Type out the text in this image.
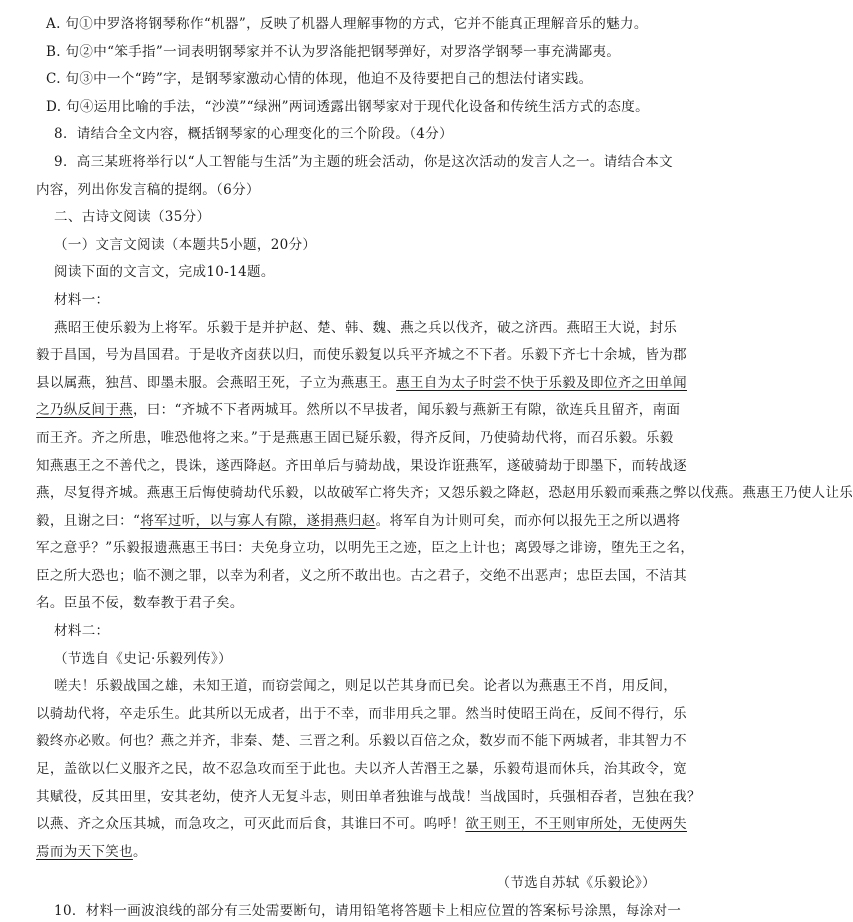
A. 句①中罗洛将钢琴称作“机器”，反映了机器人理解事物的方式，它并不能真正理解音乐的魅力。
B. 句②中“笨手指”一词表明钢琴家并不认为罗洛能把钢琴弹好，对罗洛学钢琴一事充满鄙夷。
C. 句③中一个“跨”字，是钢琴家激动心情的体现，他迫不及待要把自己的想法付诸实践。
D. 句④运用比喻的手法，“沙漠”“绿洲”两词透露出钢琴家对于现代化设备和传统生活方式的态度。
8．请结合全文内容，概括钢琴家的心理变化的三个阶段。（4分）
9．高三某班将举行以“人工智能与生活”为主题的班会活动，你是这次活动的发言人之一。请结合本文
内容，列出你发言稿的提纲。（6分）
二、古诗文阅读（35分）
（一）文言文阅读（本题共5小题，20分）
阅读下面的文言文，完成10-14题。
材料一：
燕昭王使乐毅为上将军。乐毅于是并护赵、楚、韩、魏、燕之兵以伐齐，破之济西。燕昭王大说，封乐
毅于昌国，号为昌国君。于是收齐卤获以归，而使乐毅复以兵平齐城之不下者。乐毅下齐七十余城，皆为郡
县以属燕，独莒、即墨未服。会燕昭王死，子立为燕惠王。惠王自为太子时尝不快于乐毅及即位齐之田单闻
之乃纵反间于燕，曰：“齐城不下者两城耳。然所以不早拔者，闻乐毅与燕新王有隙，欲连兵且留齐，南面
而王齐。齐之所患，唯恐他将之来。”于是燕惠王固已疑乐毅，得齐反间，乃使骑劫代将，而召乐毅。乐毅
知燕惠王之不善代之，畏诛，遂西降赵。齐田单后与骑劫战，果设诈诳燕军，遂破骑劫于即墨下，而转战逐
燕，尽复得齐城。燕惠王后悔使骑劫代乐毅，以故破军亡将失齐；又怨乐毅之降赵，恐赵用乐毅而乘燕之弊以伐燕。燕惠王乃使人让乐
毅，且谢之曰：“将军过听，以与寡人有隙，遂捐燕归赵。将军自为计则可矣，而亦何以报先王之所以遇将
军之意乎？”乐毅报遗燕惠王书曰：夫免身立功，以明先王之迹，臣之上计也；离毁辱之诽谤，堕先王之名，
臣之所大恐也；临不测之罪，以幸为利者，义之所不敢出也。古之君子，交绝不出恶声；忠臣去国，不洁其
名。臣虽不佞，数奉教于君子矣。
材料二：
（节选自《史记·乐毅列传》）
嗟夫！乐毅战国之雄，未知王道，而窃尝闻之，则足以芒其身而已矣。论者以为燕惠王不肖，用反间，
以骑劫代将，卒走乐生。此其所以无成者，出于不幸，而非用兵之罪。然当时使昭王尚在，反间不得行，乐
毅终亦必败。何也？燕之并齐，非秦、楚、三晋之利。乐毅以百倍之众，数岁而不能下两城者，非其智力不
足，盖欲以仁义服齐之民，故不忍急攻而至于此也。夫以齐人苦湣王之暴，乐毅苟退而休兵，治其政令，宽
其赋役，反其田里，安其老幼，使齐人无复斗志，则田单者独谁与战哉！当战国时，兵强相吞者，岂独在我？
以燕、齐之众压其城，而急攻之，可灭此而后食，其谁曰不可。呜呼！欲王则王，不王则审所处，无使两失
焉而为天下笑也。
（节选自苏轼《乐毅论》）
10．材料一画波浪线的部分有三处需要断句，请用铅笔将答题卡上相应位置的答案标号涂黑，每涂对一
